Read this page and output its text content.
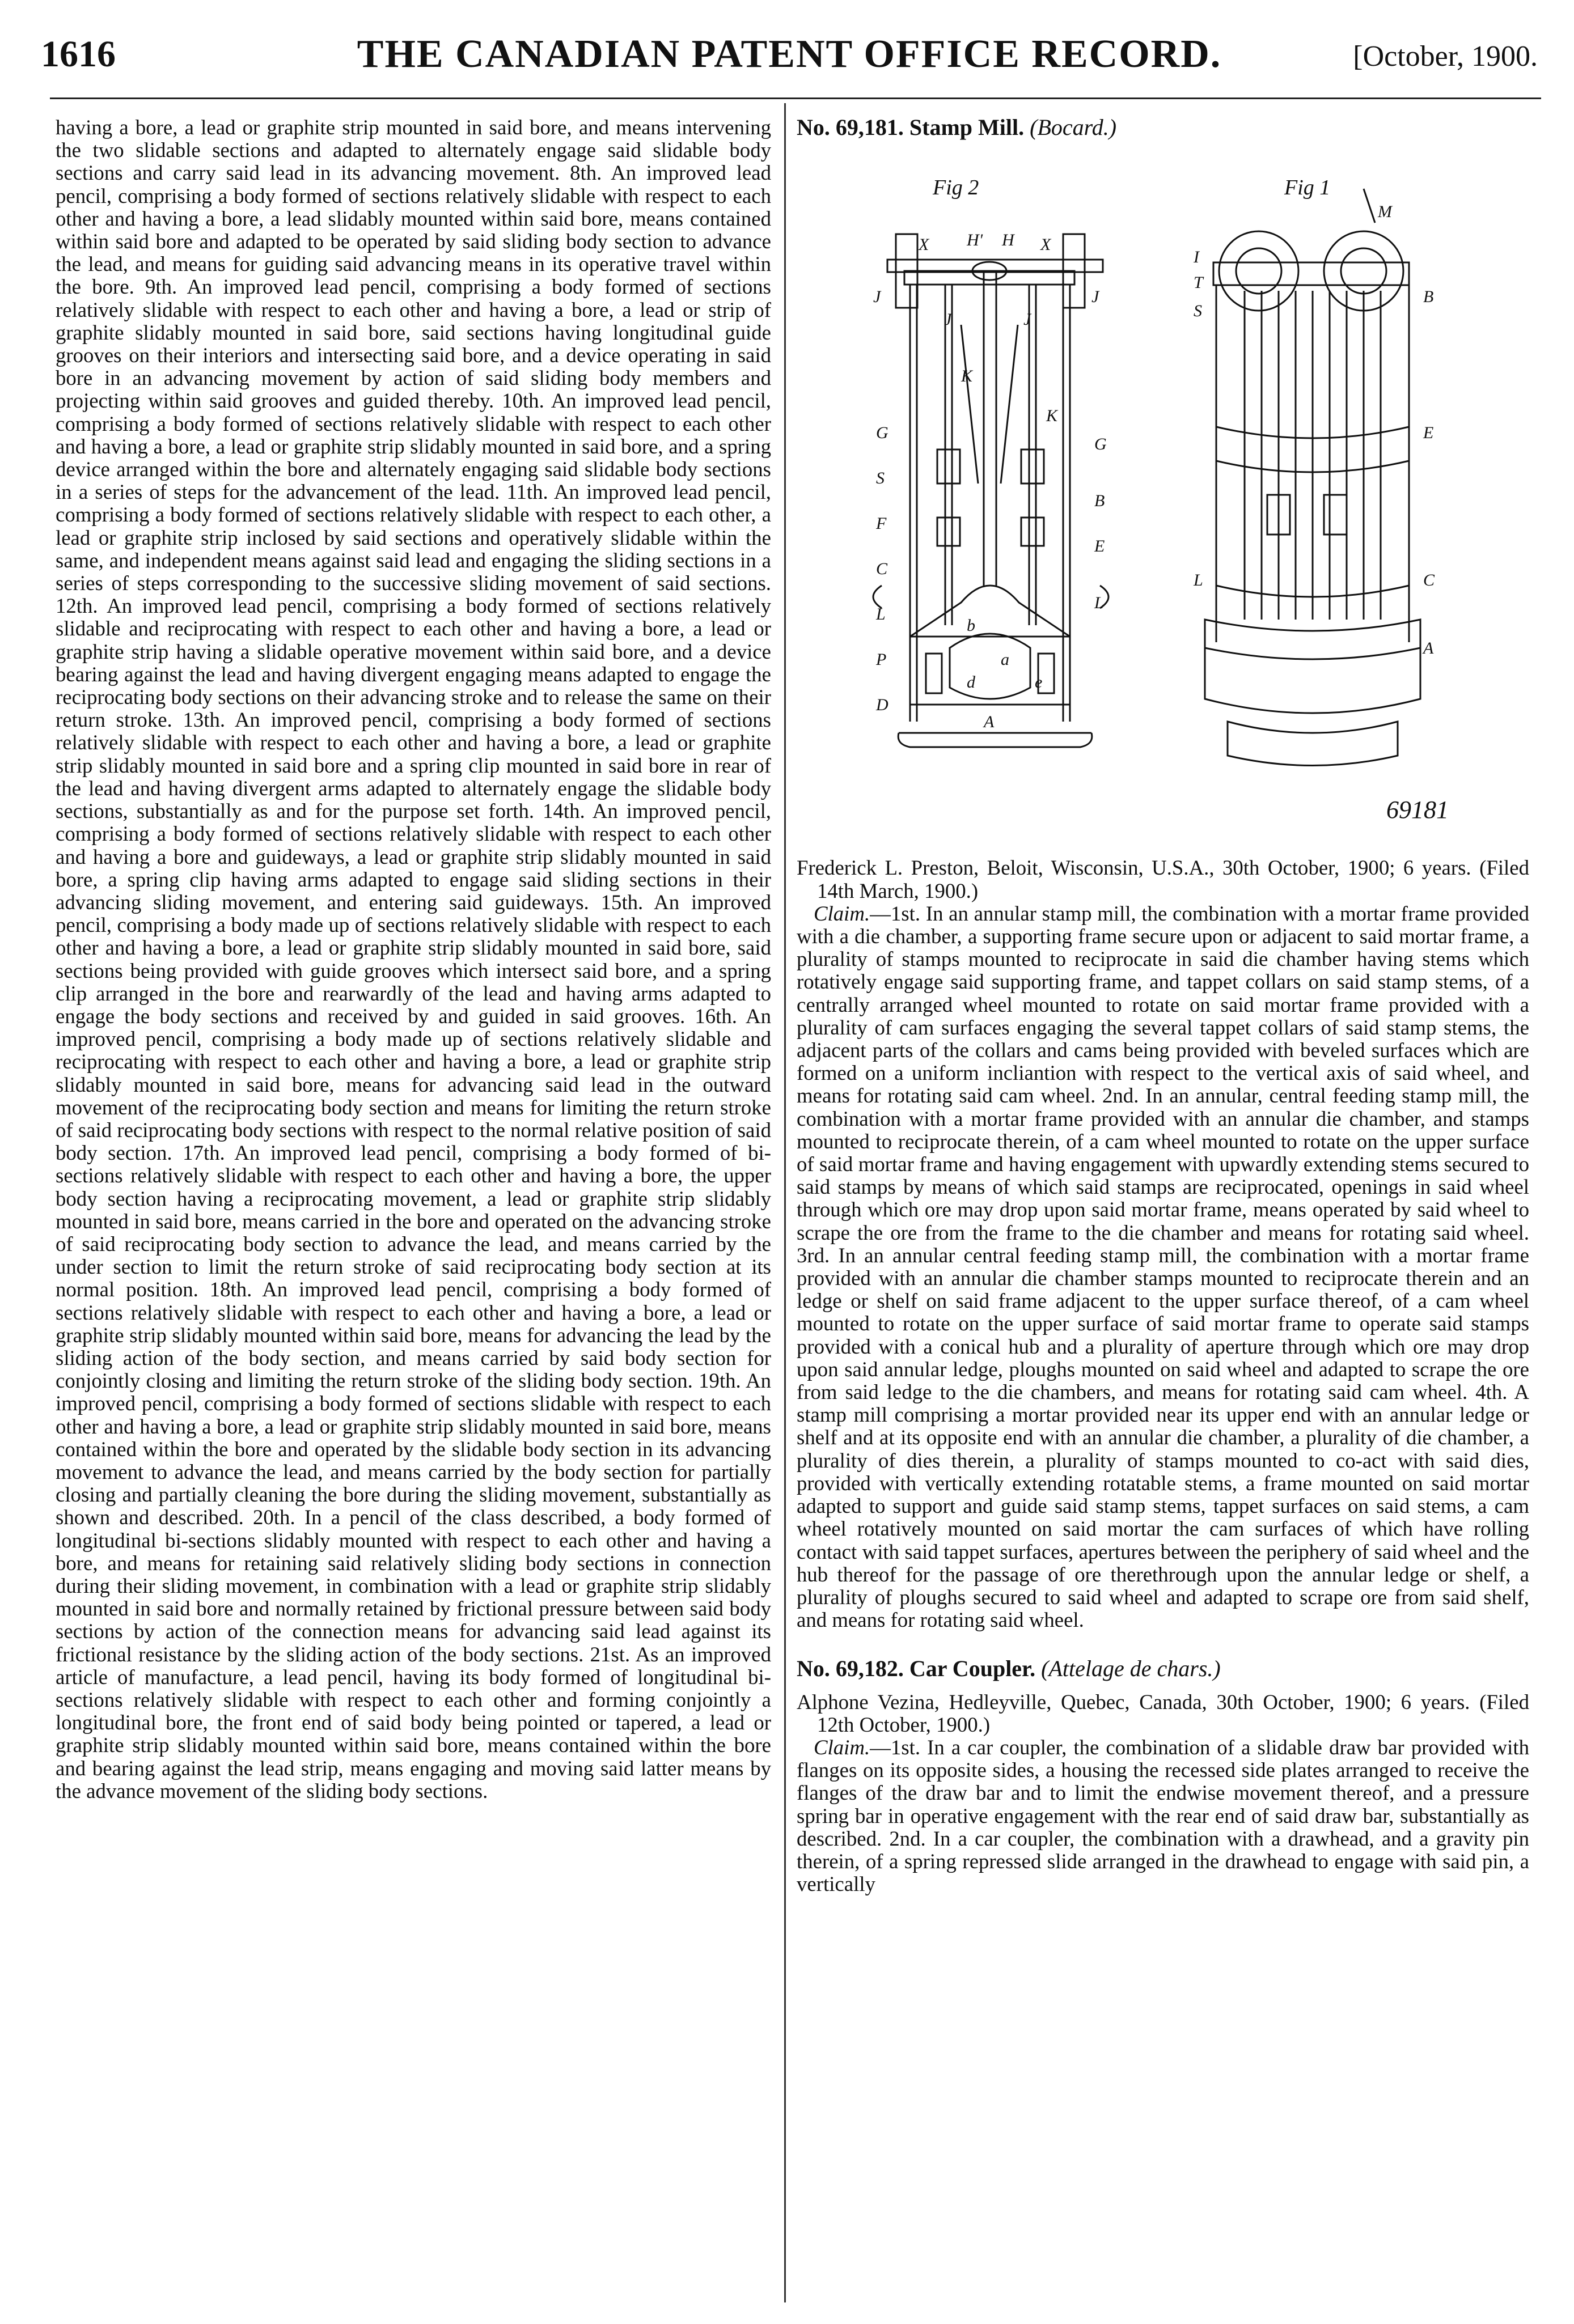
1616	THE CANADIAN PATENT OFFICE RECORD.	[October, 1900.

having a bore, a lead or graphite strip mounted in said bore, and means intervening the two slidable sections and adapted to alternately engage said slidable body sections and carry said lead in its advancing movement. 8th. An improved lead pencil, comprising a body formed of sections relatively slidable with respect to each other and having a bore, a lead slidably mounted within said bore, means contained within said bore and adapted to be operated by said sliding body section to advance the lead, and means for guiding said advancing means in its operative travel within the bore. 9th. An improved lead pencil, comprising a body formed of sections relatively slidable with respect to each other and having a bore, a lead or strip of graphite slidably mounted in said bore, said sections having longitudinal guide grooves on their interiors and intersecting said bore, and a device operating in said bore in an advancing movement by action of said sliding body members and projecting within said grooves and guided thereby. 10th. An improved lead pencil, comprising a body formed of sections relatively slidable with respect to each other and having a bore, a lead or graphite strip slidably mounted in said bore, and a spring device arranged within the bore and alternately engaging said slidable body sections in a series of steps for the advancement of the lead. 11th. An improved lead pencil, comprising a body formed of sections relatively slidable with respect to each other, a lead or graphite strip inclosed by said sections and operatively slidable within the same, and independent means against said lead and engaging the sliding sections in a series of steps corresponding to the successive sliding movement of said sections. 12th. An improved lead pencil, comprising a body formed of sections relatively slidable and reciprocating with respect to each other and having a bore, a lead or graphite strip having a slidable operative movement within said bore, and a device bearing against the lead and having divergent engaging means adapted to engage the reciprocating body sections on their advancing stroke and to release the same on their return stroke. 13th. An improved pencil, comprising a body formed of sections relatively slidable with respect to each other and having a bore, a lead or graphite strip slidably mounted in said bore and a spring clip mounted in said bore in rear of the lead and having divergent arms adapted to alternately engage the slidable body sections, substantially as and for the purpose set forth. 14th. An improved pencil, comprising a body formed of sections relatively slidable with respect to each other and having a bore and guideways, a lead or graphite strip slidably mounted in said bore, a spring clip having arms adapted to engage said sliding sections in their advancing sliding movement, and entering said guideways. 15th. An improved pencil, comprising a body made up of sections relatively slidable with respect to each other and having a bore, a lead or graphite strip slidably mounted in said bore, said sections being provided with guide grooves which intersect said bore, and a spring clip arranged in the bore and rearwardly of the lead and having arms adapted to engage the body sections and received by and guided in said grooves. 16th. An improved pencil, comprising a body made up of sections relatively slidable and reciprocating with respect to each other and having a bore, a lead or graphite strip slidably mounted in said bore, means for advancing said lead in the outward movement of the reciprocating body section and means for limiting the return stroke of said reciprocating body sections with respect to the normal relative position of said body section. 17th. An improved lead pencil, comprising a body formed of bi-sections relatively slidable with respect to each other and having a bore, the upper body section having a reciprocating movement, a lead or graphite strip slidably mounted in said bore, means carried in the bore and operated on the advancing stroke of said reciprocating body section to advance the lead, and means carried by the under section to limit the return stroke of said reciprocating body section at its normal position. 18th. An improved lead pencil, comprising a body formed of sections relatively slidable with respect to each other and having a bore, a lead or graphite strip slidably mounted within said bore, means for advancing the lead by the sliding action of the body section, and means carried by said body section for conjointly closing and limiting the return stroke of the sliding body section. 19th. An improved pencil, comprising a body formed of sections slidable with respect to each other and having a bore, a lead or graphite strip slidably mounted in said bore, means contained within the bore and operated by the slidable body section in its advancing movement to advance the lead, and means carried by the body section for partially closing and partially cleaning the bore during the sliding movement, substantially as shown and described. 20th. In a pencil of the class described, a body formed of longitudinal bi-sections slidably mounted with respect to each other and having a bore, and means for retaining said relatively sliding body sections in connection during their sliding movement, in combination with a lead or graphite strip slidably mounted in said bore and normally retained by frictional pressure between said body sections by action of the connection means for advancing said lead against its frictional resistance by the sliding action of the body sections. 21st. As an improved article of manufacture, a lead pencil, having its body formed of longitudinal bi-sections relatively slidable with respect to each other and forming conjointly a longitudinal bore, the front end of said body being pointed or tapered, a lead or graphite strip slidably mounted within said bore, means contained within the bore and bearing against the lead strip, means engaging and moving said latter means by the advance movement of the sliding body sections.

No. 69,181. Stamp Mill. (Bocard.)

Fig 2	Fig 1
X H' H X
J
J	J
J
K
K
G
G
S
b
a
B
F
E
C
L
L
P
d	e
A
D
M
I
T
S
B
E
C
L
A
69181

Frederick L. Preston, Beloit, Wisconsin, U.S.A., 30th October, 1900; 6 years. (Filed 14th March, 1900.)

Claim.—1st. In an annular stamp mill, the combination with a mortar frame provided with a die chamber, a supporting frame secure upon or adjacent to said mortar frame, a plurality of stamps mounted to reciprocate in said die chamber having stems which rotatively engage said supporting frame, and tappet collars on said stamp stems, of a centrally arranged wheel mounted to rotate on said mortar frame provided with a plurality of cam surfaces engaging the several tappet collars of said stamp stems, the adjacent parts of the collars and cams being provided with beveled surfaces which are formed on a uniform incliantion with respect to the vertical axis of said wheel, and means for rotating said cam wheel. 2nd. In an annular, central feeding stamp mill, the combination with a mortar frame provided with an annular die chamber, and stamps mounted to reciprocate therein, of a cam wheel mounted to rotate on the upper surface of said mortar frame and having engagement with upwardly extending stems secured to said stamps by means of which said stamps are reciprocated, openings in said wheel through which ore may drop upon said mortar frame, means operated by said wheel to scrape the ore from the frame to the die chamber and means for rotating said wheel. 3rd. In an annular central feeding stamp mill, the combination with a mortar frame provided with an annular die chamber stamps mounted to reciprocate therein and an ledge or shelf on said frame adjacent to the upper surface thereof, of a cam wheel mounted to rotate on the upper surface of said mortar frame to operate said stamps provided with a conical hub and a plurality of aperture through which ore may drop upon said annular ledge, ploughs mounted on said wheel and adapted to scrape the ore from said ledge to the die chambers, and means for rotating said cam wheel. 4th. A stamp mill comprising a mortar provided near its upper end with an annular ledge or shelf and at its opposite end with an annular die chamber, a plurality of die chamber, a plurality of dies therein, a plurality of stamps mounted to co-act with said dies, provided with vertically extending rotatable stems, a frame mounted on said mortar adapted to support and guide said stamp stems, tappet surfaces on said stems, a cam wheel rotatively mounted on said mortar the cam surfaces of which have rolling contact with said tappet surfaces, apertures between the periphery of said wheel and the hub thereof for the passage of ore therethrough upon the annular ledge or shelf, a plurality of ploughs secured to said wheel and adapted to scrape ore from said shelf, and means for rotating said wheel.

No. 69,182. Car Coupler. (Attelage de chars.)

Alphone Vezina, Hedleyville, Quebec, Canada, 30th October, 1900; 6 years. (Filed 12th October, 1900.)

Claim.—1st. In a car coupler, the combination of a slidable draw bar provided with flanges on its opposite sides, a housing the recessed side plates arranged to receive the flanges of the draw bar and to limit the endwise movement thereof, and a pressure spring bar in operative engagement with the rear end of said draw bar, substantially as described. 2nd. In a car coupler, the combination with a drawhead, and a gravity pin therein, of a spring repressed slide arranged in the drawhead to engage with said pin, a vertically
